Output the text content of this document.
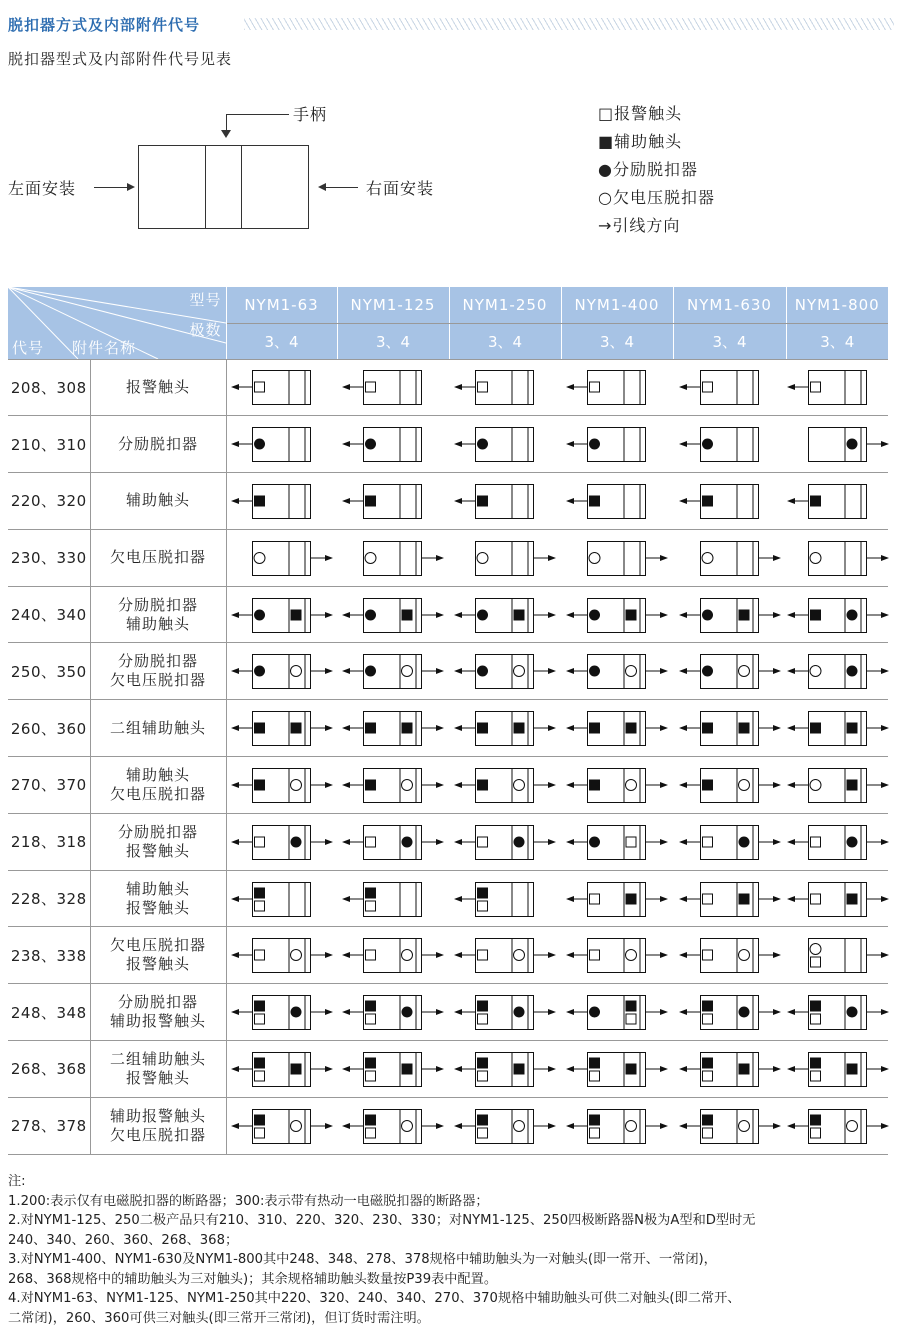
脱扣器方式及内部附件代号
脱扣器型式及内部附件代号见表
手柄
左面安装	右面安装
□报警触头
■辅助触头
●分励脱扣器
○欠电压脱扣器
→引线方向
型号
极数
代号 附件名称		NYM1-63	NYM1-125	NYM1-250	NYM1-400	NYM1-630	NYM1-800
		3、4	3、4	3、4	3、4	3、4	3、4
208、308	报警触头

210、310	分励脱扣器

220、320	辅助触头

230、330	欠电压脱扣器

240、340	分励脱扣器
辅助触头

250、350	分励脱扣器
欠电压脱扣器

260、360	二组辅助触头

270、370	辅助触头
欠电压脱扣器

218、318	分励脱扣器
报警触头

228、328	辅助触头
报警触头

238、338	欠电压脱扣器
报警触头

248、348	分励脱扣器
辅助报警触头

268、368	二组辅助触头
报警触头

278、378	辅助报警触头
欠电压脱扣器

注:
1.200:表示仅有电磁脱扣器的断路器；300:表示带有热动一电磁脱扣器的断路器；
2.对NYM1-125、250二极产品只有210、310、220、320、230、330；对NYM1-125、250四极断路器N极为A型和D型时无
240、340、260、360、268、368；
3.对NYM1-400、NYM1-630及NYM1-800其中248、348、278、378规格中辅助触头为一对触头(即一常开、一常闭)，
268、368规格中的辅助触头为三对触头)；其余规格辅助触头数量按P39表中配置。
4.对NYM1-63、NYM1-125、NYM1-250其中220、320、240、340、270、370规格中辅助触头可供二对触头(即二常开、
二常闭)，260、360可供三对触头(即三常开三常闭)，但订货时需注明。
